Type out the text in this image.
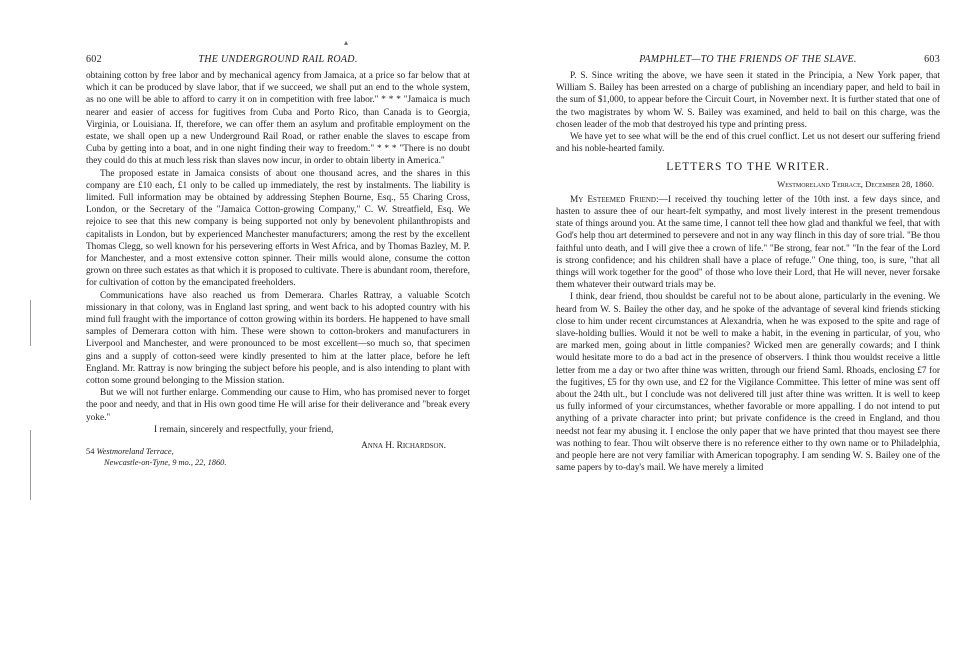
▴
602	THE UNDERGROUND RAIL ROAD.

obtaining cotton by free labor and by mechanical agency from Jamaica, at a price so far below that at which it can be produced by slave labor, that if we succeed, we shall put an end to the whole system, as no one will be able to afford to carry it on in competition with free labor." * * * "Jamaica is much nearer and easier of access for fugitives from Cuba and Porto Rico, than Canada is to Georgia, Virginia, or Louisiana. If, therefore, we can offer them an asylum and profitable employment on the estate, we shall open up a new Underground Rail Road, or rather enable the slaves to escape from Cuba by getting into a boat, and in one night finding their way to freedom." * * * "There is no doubt they could do this at much less risk than slaves now incur, in order to obtain liberty in America."

The proposed estate in Jamaica consists of about one thousand acres, and the shares in this company are £10 each, £1 only to be called up immediately, the rest by instalments. The liability is limited. Full information may be obtained by addressing Stephen Bourne, Esq., 55 Charing Cross, London, or the Secretary of the "Jamaica Cotton-growing Company," C. W. Streatfield, Esq. We rejoice to see that this new company is being supported not only by benevolent philanthropists and capitalists in London, but by experienced Manchester manufacturers; among the rest by the excellent Thomas Clegg, so well known for his persevering efforts in West Africa, and by Thomas Bazley, M. P. for Manchester, and a most extensive cotton spinner. Their mills would alone, consume the cotton grown on three such estates as that which it is proposed to cultivate. There is abundant room, therefore, for cultivation of cotton by the emancipated freeholders.

Communications have also reached us from Demerara. Charles Rattray, a valuable Scotch missionary in that colony, was in England last spring, and went back to his adopted country with his mind full fraught with the importance of cotton growing within its borders. He happened to have small samples of Demerara cotton with him. These were shown to cotton-brokers and manufacturers in Liverpool and Manchester, and were pronounced to be most excellent—so much so, that specimen gins and a supply of cotton-seed were kindly presented to him at the latter place, before he left England. Mr. Rattray is now bringing the subject before his people, and is also intending to plant with cotton some ground belonging to the Mission station.

But we will not further enlarge. Commending our cause to Him, who has promised never to forget the poor and needy, and that in His own good time He will arise for their deliverance and "break every yoke."

I remain, sincerely and respectfully, your friend,

Anna H. Richardson.
54 Westmoreland Terrace,
Newcastle-on-Tyne, 9 mo., 22, 1860.
PAMPHLET—TO THE FRIENDS OF THE SLAVE.	603

P. S. Since writing the above, we have seen it stated in the Principia, a New York paper, that William S. Bailey has been arrested on a charge of publishing an incendiary paper, and held to bail in the sum of $1,000, to appear before the Circuit Court, in November next. It is further stated that one of the two magistrates by whom W. S. Bailey was examined, and held to bail on this charge, was the chosen leader of the mob that destroyed his type and printing press.

We have yet to see what will be the end of this cruel conflict. Let us not desert our suffering friend and his noble-hearted family.

LETTERS TO THE WRITER.
Westmoreland Terrace, December 28, 1860.

My Esteemed Friend:—I received thy touching letter of the 10th inst. a few days since, and hasten to assure thee of our heart-felt sympathy, and most lively interest in the present tremendous state of things around you. At the same time, I cannot tell thee how glad and thankful we feel, that with God's help thou art determined to persevere and not in any way flinch in this day of sore trial. "Be thou faithful unto death, and I will give thee a crown of life." "Be strong, fear not." "In the fear of the Lord is strong confidence; and his children shall have a place of refuge." One thing, too, is sure, "that all things will work together for the good" of those who love their Lord, that He will never, never forsake them whatever their outward trials may be.

I think, dear friend, thou shouldst be careful not to be about alone, particularly in the evening. We heard from W. S. Bailey the other day, and he spoke of the advantage of several kind friends sticking close to him under recent circumstances at Alexandria, when he was exposed to the spite and rage of slave-holding bullies. Would it not be well to make a habit, in the evening in particular, of you, who are marked men, going about in little companies? Wicked men are generally cowards; and I think would hesitate more to do a bad act in the presence of observers. I think thou wouldst receive a little letter from me a day or two after thine was written, through our friend Saml. Rhoads, enclosing £7 for the fugitives, £5 for thy own use, and £2 for the Vigilance Committee. This letter of mine was sent off about the 24th ult., but I conclude was not delivered till just after thine was written. It is well to keep us fully informed of your circumstances, whether favorable or more appalling. I do not intend to put anything of a private character into print; but private confidence is the creed in England, and thou needst not fear my abusing it. I enclose the only paper that we have printed that thou mayest see there was nothing to fear. Thou wilt observe there is no reference either to thy own name or to Philadelphia, and people here are not very familiar with American topography. I am sending W. S. Bailey one of the same papers by to-day's mail. We have merely a limited
